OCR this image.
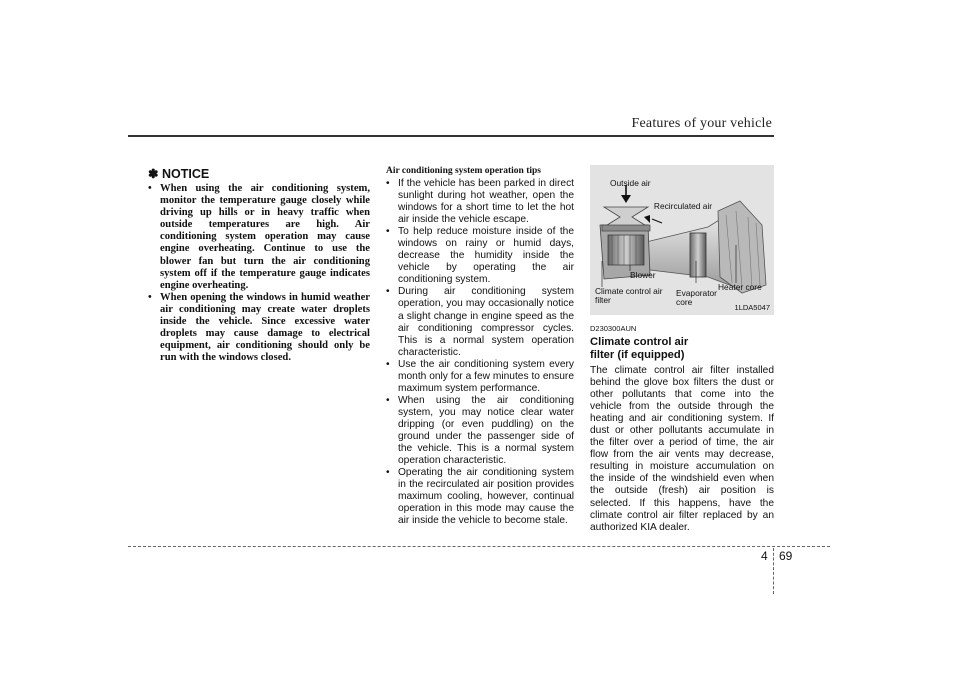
Features of your vehicle
✽ NOTICE
• When using the air conditioning system, monitor the temperature gauge closely while driving up hills or in heavy traffic when outside temperatures are high. Air conditioning system operation may cause engine overheating. Continue to use the blower fan but turn the air conditioning system off if the temperature gauge indicates engine overheating.
• When opening the windows in humid weather air conditioning may create water droplets inside the vehicle. Since excessive water droplets may cause damage to electrical equipment, air conditioning should only be run with the windows closed.
Air conditioning system operation tips
• If the vehicle has been parked in direct sunlight during hot weather, open the windows for a short time to let the hot air inside the vehicle escape.
• To help reduce moisture inside of the windows on rainy or humid days, decrease the humidity inside the vehicle by operating the air conditioning system.
• During air conditioning system operation, you may occasionally notice a slight change in engine speed as the air conditioning compressor cycles. This is a normal system operation characteristic.
• Use the air conditioning system every month only for a few minutes to ensure maximum system performance.
• When using the air conditioning system, you may notice clear water dripping (or even puddling) on the ground under the passenger side of the vehicle. This is a normal system operation characteristic.
• Operating the air conditioning system in the recirculated air position provides maximum cooling, however, continual operation in this mode may cause the air inside the vehicle to become stale.
Outside air
Recirculated air
Blower
Climate control air filter
Evaporator core
Heater core
1LDA5047
D230300AUN
Climate control air filter (if equipped)
The climate control air filter installed behind the glove box filters the dust or other pollutants that come into the vehicle from the outside through the heating and air conditioning system. If dust or other pollutants accumulate in the filter over a period of time, the air flow from the air vents may decrease, resulting in moisture accumulation on the inside of the windshield even when the outside (fresh) air position is selected. If this happens, have the climate control air filter replaced by an authorized KIA dealer.
4 69
